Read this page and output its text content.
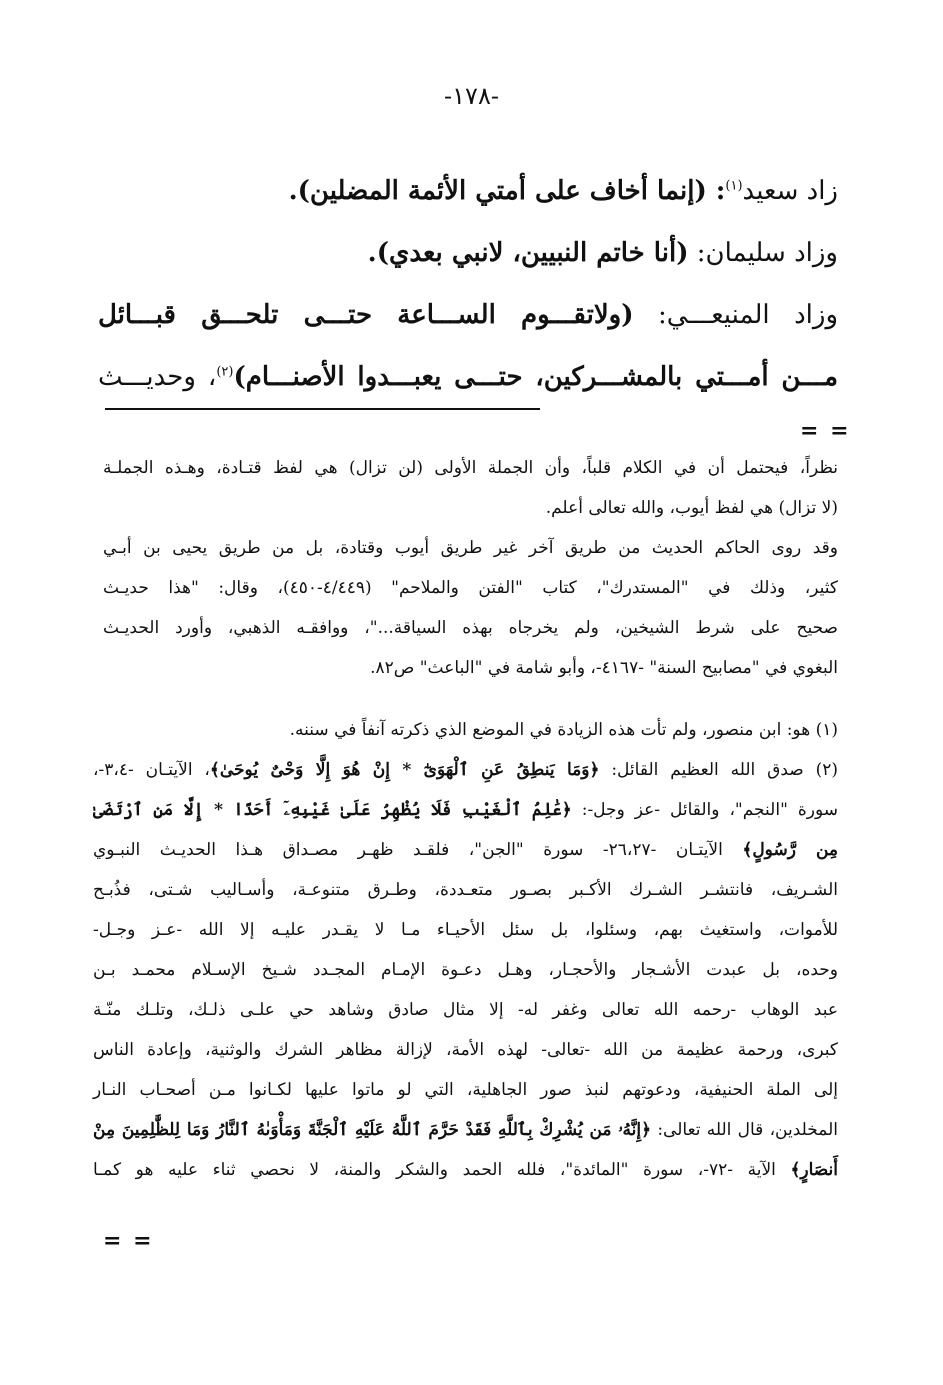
-١٧٨-
زاد سعيد$^{(١)}$: (إنما أخاف على أمتي الأئمة المضلين).
وزاد سليمان: (أنا خاتم النبيين، لانبي بعدي).
وزاد المنيعـــي: (ولاتقـــوم الســـاعة حتـــى تلحـــق قبـــائل
مـــن أمـــتي بالمشـــركين، حتـــى يعبـــدوا الأصنـــام)$^{(٢)}$، وحديـــث
= =
نظراً، فيحتمل أن في الكلام قلباً، وأن الجملة الأولى (لن تزال) هي لفظ قتـادة، وهـذه الجملـة
(لا تزال) هي لفظ أيوب، والله تعالى أعلم.
وقد روى الحاكم الحديث من طريق آخر غير طريق أيوب وقتادة، بل من طريق يحيى بن أبـي
كثير، وذلك في "المستدرك"، كتاب "الفتن والملاحم" (٤/٤٤٩-٤٥٠)، وقال: "هذا حديـث
صحيح على شرط الشيخين، ولم يخرجاه بهذه السياقة..."، ووافقـه الذهبي، وأورد الحديـث
البغوي في "مصابيح السنة" -٤١٦٧-، وأبو شامة في "الباعث" ص٨٢.
(١) هو: ابن منصور، ولم تأت هذه الزيادة في الموضع الذي ذكرته آنفاً في سننه.
(٢) صدق الله العظيم القائل: ﴿وَمَا يَنطِقُ عَنِ ٱلْهَوَىٰٓ * إِنْ هُوَ إِلَّا وَحْىٌ يُوحَىٰ﴾، الآيتـان -٣،٤-،
سورة "النجم"، والقائل -عز وجل-: ﴿عَٰلِمُ ٱلْغَيْبِ فَلَا يُظْهِرُ عَلَىٰ غَيْبِهِۦٓ أَحَدًا * إِلَّا مَنِ ٱرْتَضَىٰ
مِن رَّسُولٍ﴾ الآيتـان -٢٦،٢٧- سورة "الجن"، فلقـد ظهـر مصـداق هـذا الحديـث النبـوي
الشـريف، فانتشـر الشـرك الأكـبر بصـور متعـددة، وطـرق متنوعـة، وأسـاليب شـتى، فذُبـح
للأموات، واستغيث بهم، وسئلوا، بل سئل الأحيـاء مـا لا يقـدر عليـه إلا الله -عـز وجـل-
وحده، بل عبدت الأشـجار والأحجـار، وهـل دعـوة الإمـام المجـدد شـيخ الإسـلام محمـد بـن
عبد الوهاب -رحمه الله تعالى وغفر له- إلا مثال صادق وشاهد حي علـى ذلـك، وتلـك منّـة
كبرى، ورحمة عظيمة من الله -تعالى- لهذه الأمة، لإزالة مظاهر الشرك والوثنية، وإعادة الناس
إلى الملة الحنيفية، ودعوتهم لنبذ صور الجاهلية، التي لو ماتوا عليها لكـانوا مـن أصحـاب النـار
المخلدين، قال الله تعالى: ﴿إِنَّهُۥ مَن يُشْرِكْ بِٱللَّهِ فَقَدْ حَرَّمَ ٱللَّهُ عَلَيْهِ ٱلْجَنَّةَ وَمَأْوَىٰهُ ٱلنَّارُ وَمَا لِلظَّٰلِمِينَ مِنْ
أَنصَارٍ﴾ الآية -٧٢-، سورة "المائدة"، فلله الحمد والشكر والمنة، لا نحصي ثناء عليه هو كمـا
= =
